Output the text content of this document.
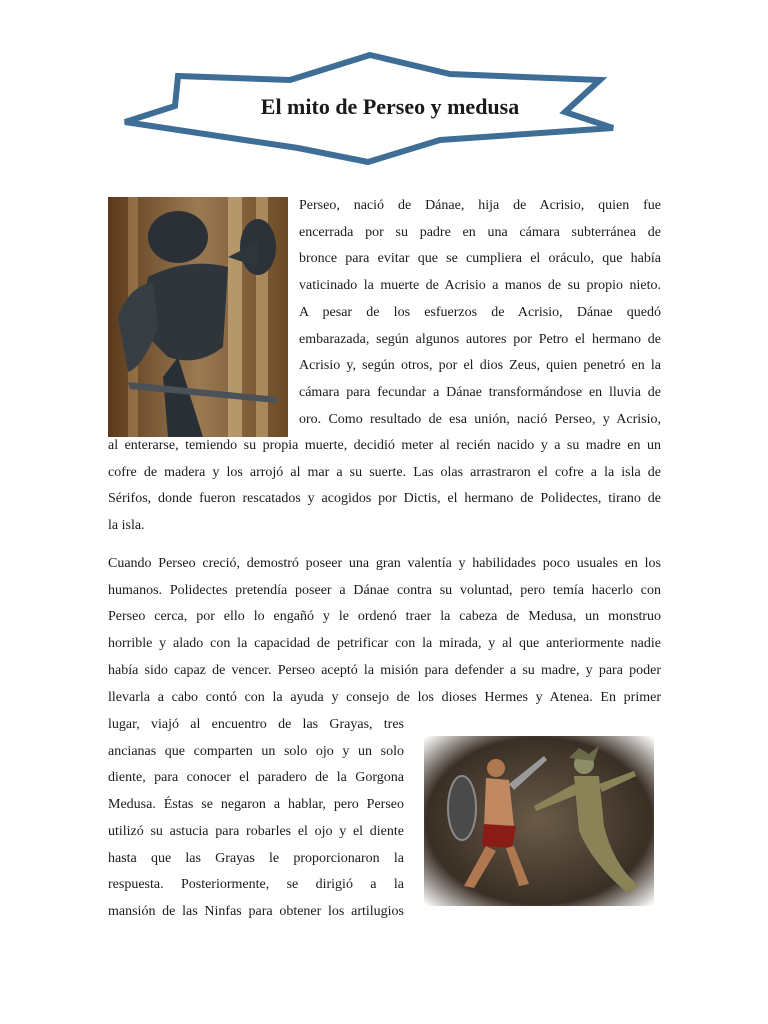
El mito de Perseo y medusa

Perseo, nació de Dánae, hija de Acrisio, quien fue
encerrada por su padre en una cámara subterránea de
bronce para evitar que se cumpliera el oráculo, que había
vaticinado la muerte de Acrisio a manos de su propio nieto.
A pesar de los esfuerzos de Acrisio, Dánae quedó
embarazada, según algunos autores por Petro el hermano de
Acrisio y, según otros, por el dios Zeus, quien penetró en la
cámara para fecundar a Dánae transformándose en lluvia de
oro. Como resultado de esa unión, nació Perseo, y Acrisio,

al enterarse, temiendo su propia muerte, decidió meter al recién nacido y a su madre en un
cofre de madera y los arrojó al mar a su suerte. Las olas arrastraron el cofre a la isla de
Sérifos, donde fueron rescatados y acogidos por Dictis, el hermano de Polidectes, tirano de
la isla.

Cuando Perseo creció, demostró poseer una gran valentía y habilidades poco usuales en los
humanos. Polidectes pretendía poseer a Dánae contra su voluntad, pero temía hacerlo con
Perseo cerca, por ello lo engañó y le ordenó traer la cabeza de Medusa, un monstruo
horrible y alado con la capacidad de petrificar con la mirada, y al que anteriormente nadie
había sido capaz de vencer. Perseo aceptó la misión para defender a su madre, y para poder
llevarla a cabo contó con la ayuda y consejo de los dioses Hermes y Atenea. En primer

lugar, viajó al encuentro de las Grayas, tres
ancianas que comparten un solo ojo y un solo
diente, para conocer el paradero de la Gorgona
Medusa. Éstas se negaron a hablar, pero Perseo
utilizó su astucia para robarles el ojo y el diente
hasta que las Grayas le proporcionaron la
respuesta. Posteriormente, se dirigió a la
mansión de las Ninfas para obtener los artilugios
